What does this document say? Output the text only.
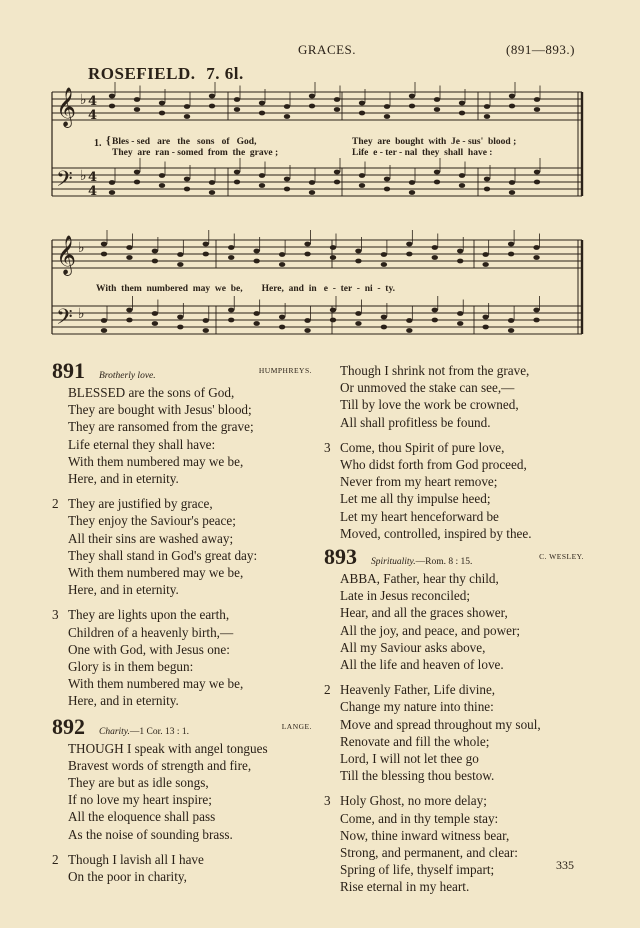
GRACES.	(891—893.)
ROSEFIELD. 7. 6l.
𝄞
𝄢
4
4
4
4
♭
♭
𝄞
𝄢
♭
♭
1. { Bles - sed   are   the   sons   of   God,
They  are  ran - somed  from  the  grave ;
They  are  bought  with  Je - sus'  blood ;
Life  e - ter - nal  they  shall  have :
With  them  numbered  may  we  be,        Here,  and  in   e  -  ter  -  ni  -  ty.
891 Brotherly love.
HUMPHREYS.
BLESSED are the sons of God,
They are bought with Jesus' blood;
They are ransomed from the grave;
Life eternal they shall have:
With them numbered may we be,
Here, and in eternity.
2 They are justified by grace,
They enjoy the Saviour's peace;
All their sins are washed away;
They shall stand in God's great day:
With them numbered may we be,
Here, and in eternity.
3 They are lights upon the earth,
Children of a heavenly birth,—
One with God, with Jesus one:
Glory is in them begun:
With them numbered may we be,
Here, and in eternity.
892 Charity.—1 Cor. 13 : 1.
LANGE.
THOUGH I speak with angel tongues
Bravest words of strength and fire,
They are but as idle songs,
If no love my heart inspire;
All the eloquence shall pass
As the noise of sounding brass.
2 Though I lavish all I have
On the poor in charity,
Though I shrink not from the grave,
Or unmoved the stake can see,—
Till by love the work be crowned,
All shall profitless be found.
3 Come, thou Spirit of pure love,
Who didst forth from God proceed,
Never from my heart remove;
Let me all thy impulse heed;
Let my heart henceforward be
Moved, controlled, inspired by thee.
893 Spirituality.—Rom. 8 : 15.
C. WESLEY.
ABBA, Father, hear thy child,
Late in Jesus reconciled;
Hear, and all the graces shower,
All the joy, and peace, and power;
All my Saviour asks above,
All the life and heaven of love.
2 Heavenly Father, Life divine,
Change my nature into thine:
Move and spread throughout my soul,
Renovate and fill the whole;
Lord, I will not let thee go
Till the blessing thou bestow.
3 Holy Ghost, no more delay;
Come, and in thy temple stay:
Now, thine inward witness bear,
Strong, and permanent, and clear:
Spring of life, thyself impart;
Rise eternal in my heart.
335
